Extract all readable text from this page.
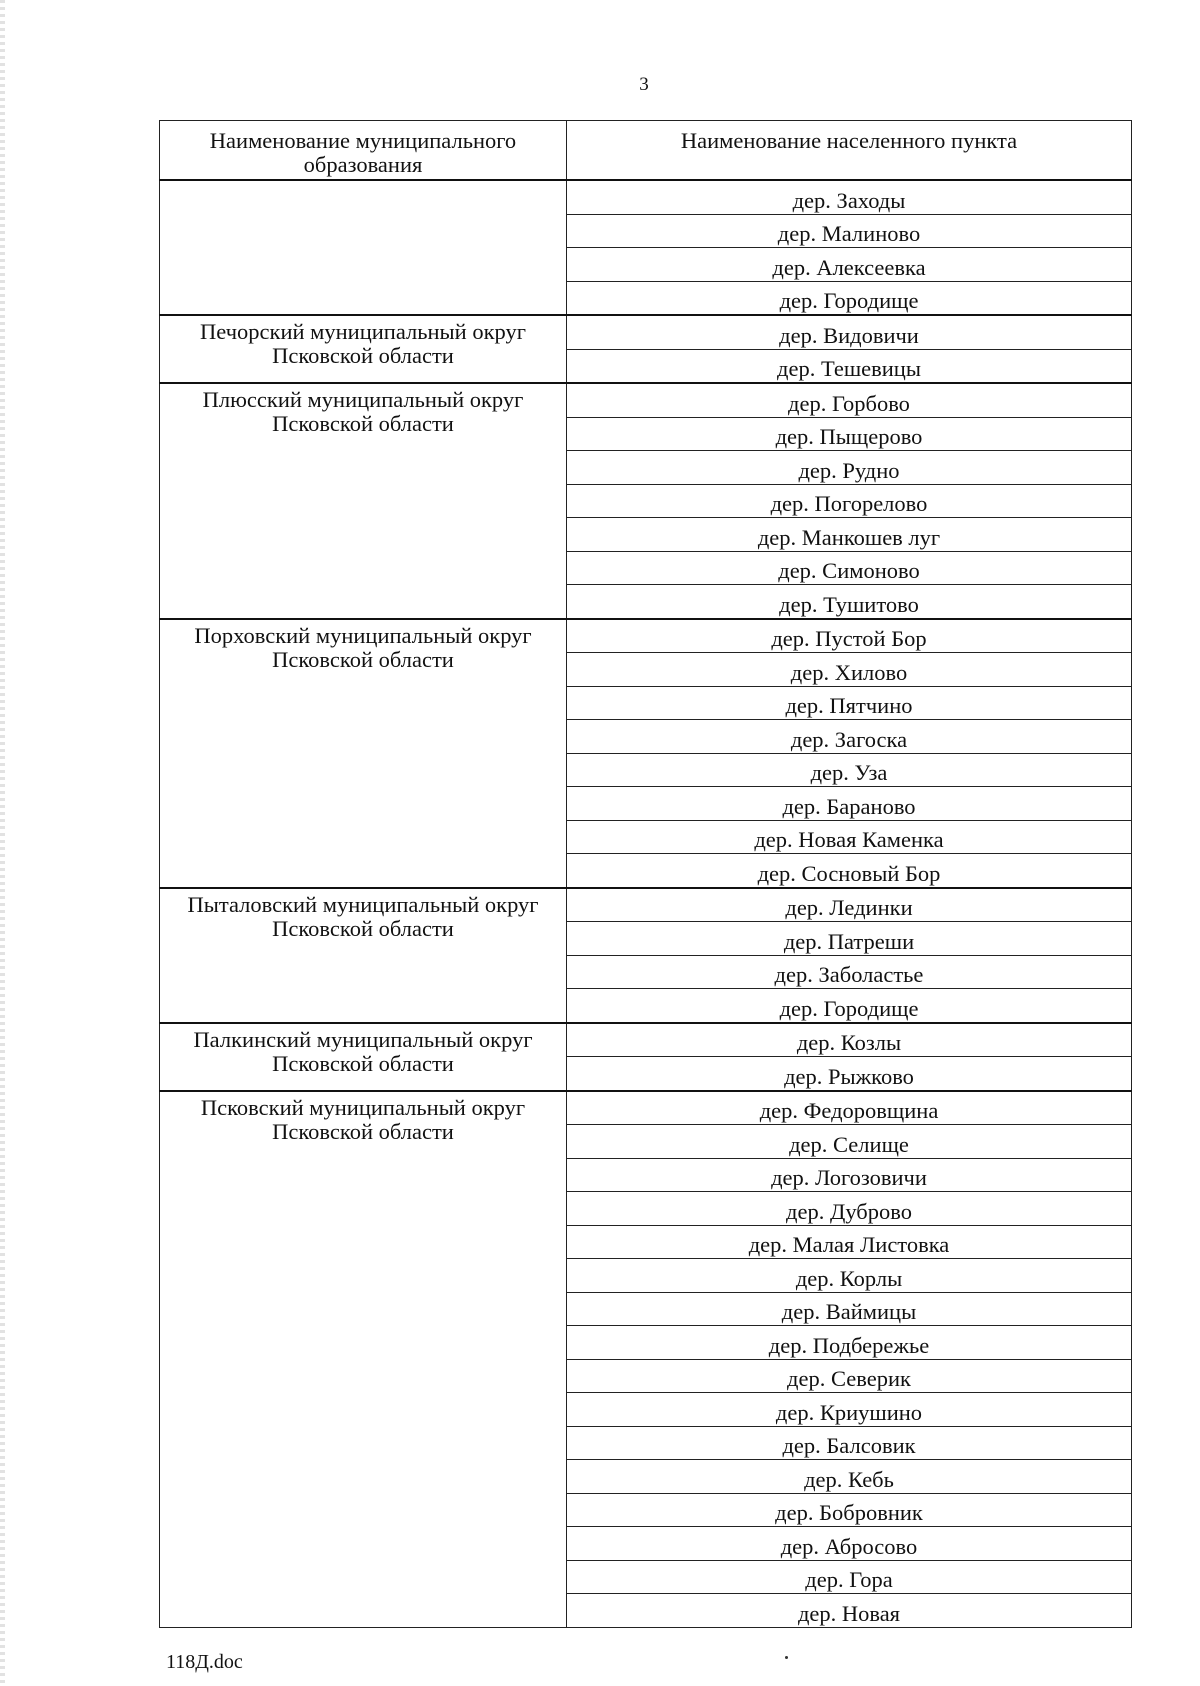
3
Наименование муниципального образования	Наименование населенного пункта

	дер. Заходы
	дер. Малиново
	дер. Алексеевка
	дер. Городище
Печорский муниципальный округ Псковской области	дер. Видовичи
	дер. Тешевицы
Плюсский муниципальный округ Псковской области	дер. Горбово
	дер. Пыщерово
	дер. Рудно
	дер. Погорелово
	дер. Манкошев луг
	дер. Симоново
	дер. Тушитово
Порховский муниципальный округ Псковской области	дер. Пустой Бор
	дер. Хилово
	дер. Пятчино
	дер. Загоска
	дер. Уза
	дер. Бараново
	дер. Новая Каменка
	дер. Сосновый Бор
Пыталовский муниципальный округ Псковской области	дер. Лединки
	дер. Патреши
	дер. Заболастье
	дер. Городище
Палкинский муниципальный округ Псковской области	дер. Козлы
	дер. Рыжково
Псковский муниципальный округ Псковской области	дер. Федоровщина
	дер. Селище
	дер. Логозовичи
	дер. Дуброво
	дер. Малая Листовка
	дер. Корлы
	дер. Ваймицы
	дер. Подбережье
	дер. Северик
	дер. Криушино
	дер. Балсовик
	дер. Кебь
	дер. Бобровник
	дер. Абросово
	дер. Гора
	дер. Новая
118Д.doc
